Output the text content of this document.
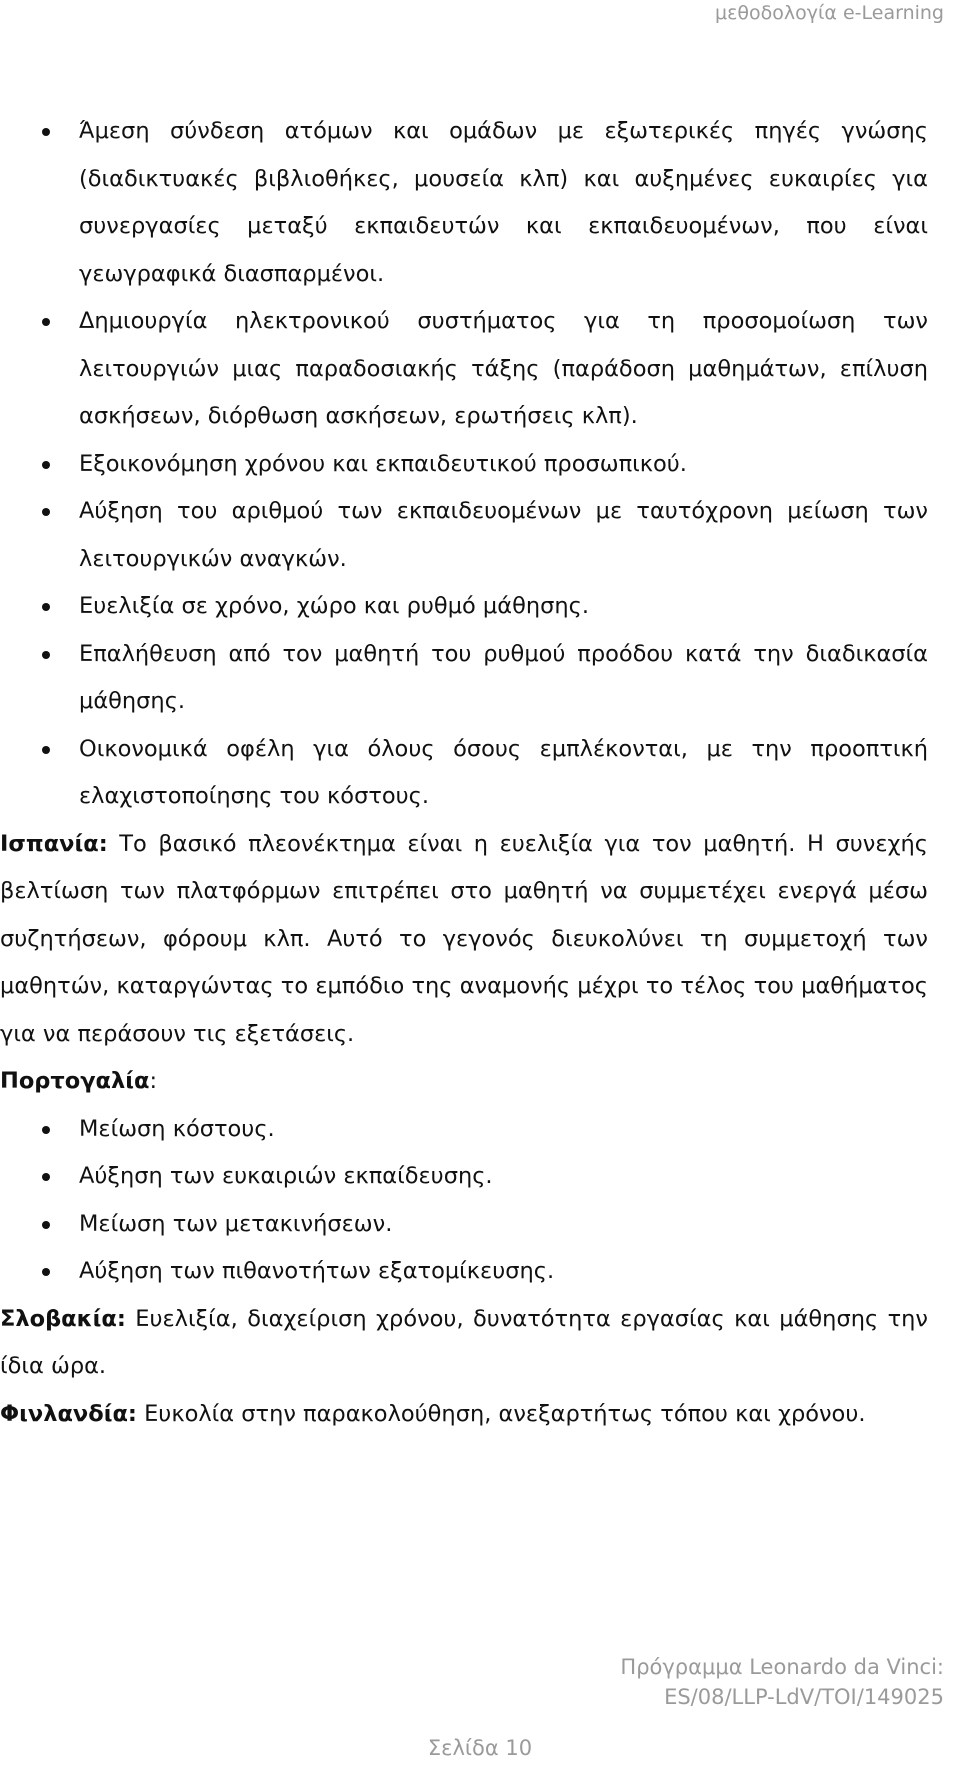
μεθοδολογία e-Learning
Άμεση σύνδεση ατόμων και ομάδων με εξωτερικές πηγές γνώσης (διαδικτυακές βιβλιοθήκες, μουσεία κλπ) και αυξημένες ευκαιρίες για συνεργασίες μεταξύ εκπαιδευτών και εκπαιδευομένων, που είναι γεωγραφικά διασπαρμένοι.
Δημιουργία ηλεκτρονικού συστήματος για τη προσομοίωση των λειτουργιών μιας παραδοσιακής τάξης (παράδοση μαθημάτων, επίλυση ασκήσεων, διόρθωση ασκήσεων, ερωτήσεις κλπ).
Εξοικονόμηση χρόνου και εκπαιδευτικού προσωπικού.
Αύξηση του αριθμού των εκπαιδευομένων με ταυτόχρονη μείωση των λειτουργικών αναγκών.
Ευελιξία σε χρόνο, χώρο και ρυθμό μάθησης.
Επαλήθευση από τον μαθητή του ρυθμού προόδου κατά την διαδικασία μάθησης.
Οικονομικά οφέλη για όλους όσους εμπλέκονται, με την προοπτική ελαχιστοποίησης του κόστους.

Ισπανία: Το βασικό πλεονέκτημα είναι η ευελιξία για τον μαθητή. Η συνεχής βελτίωση των πλατφόρμων επιτρέπει στο μαθητή να συμμετέχει ενεργά μέσω συζητήσεων, φόρουμ κλπ. Αυτό το γεγονός διευκολύνει τη συμμετοχή των μαθητών, καταργώντας το εμπόδιο της αναμονής μέχρι το τέλος του μαθήματος για να περάσουν τις εξετάσεις.

Πορτογαλία:

Μείωση κόστους.
Αύξηση των ευκαιριών εκπαίδευσης.
Μείωση των μετακινήσεων.
Αύξηση των πιθανοτήτων εξατομίκευσης.

Σλοβακία: Ευελιξία, διαχείριση χρόνου, δυνατότητα εργασίας και μάθησης την ίδια ώρα.

Φινλανδία: Ευκολία στην παρακολούθηση, ανεξαρτήτως τόπου και χρόνου.

Πρόγραμμα Leonardo da Vinci:
ES/08/LLP-LdV/TOI/149025
Σελίδα 10
